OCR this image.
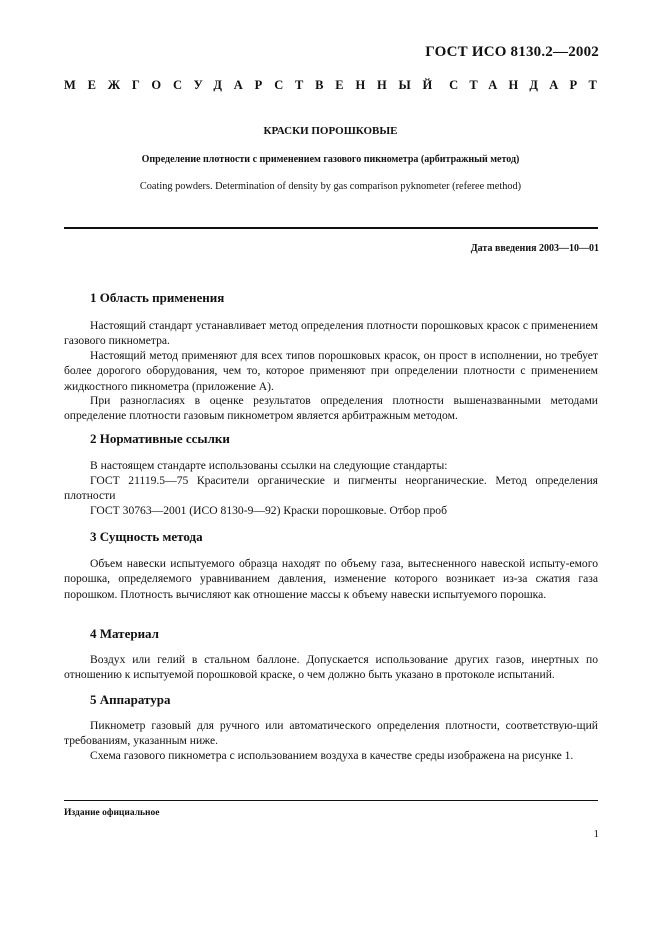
ГОСТ ИСО 8130.2—2002
МЕЖГОСУДАРСТВЕННЫЙ СТАНДАРТ
КРАСКИ ПОРОШКОВЫЕ
Определение плотности с применением газового пикнометра (арбитражный метод)
Coating powders. Determination of density by gas comparison pyknometer (referee method)
Дата введения 2003—10—01
1 Область применения
Настоящий стандарт устанавливает метод определения плотности порошковых красок с применением газового пикнометра.
Настоящий метод применяют для всех типов порошковых красок, он прост в исполнении, но требует более дорогого оборудования, чем то, которое применяют при определении плотности с применением жидкостного пикнометра (приложение А).
При разногласиях в оценке результатов определения плотности вышеназванными методами определение плотности газовым пикнометром является арбитражным методом.
2 Нормативные ссылки
В настоящем стандарте использованы ссылки на следующие стандарты:
ГОСТ 21119.5—75 Красители органические и пигменты неорганические. Метод определения плотности
ГОСТ 30763—2001 (ИСО 8130-9—92) Краски порошковые. Отбор проб
3 Сущность метода
Объем навески испытуемого образца находят по объему газа, вытесненного навеской испыту-емого порошка, определяемого уравниванием давления, изменение которого возникает из-за сжатия газа порошком. Плотность вычисляют как отношение массы к объему навески испытуемого порошка.
4 Материал
Воздух или гелий в стальном баллоне. Допускается использование других газов, инертных по отношению к испытуемой порошковой краске, о чем должно быть указано в протоколе испытаний.
5 Аппаратура
Пикнометр газовый для ручного или автоматического определения плотности, соответствую-щий требованиям, указанным ниже.
Схема газового пикнометра с использованием воздуха в качестве среды изображена на рисунке 1.
Издание официальное
1
